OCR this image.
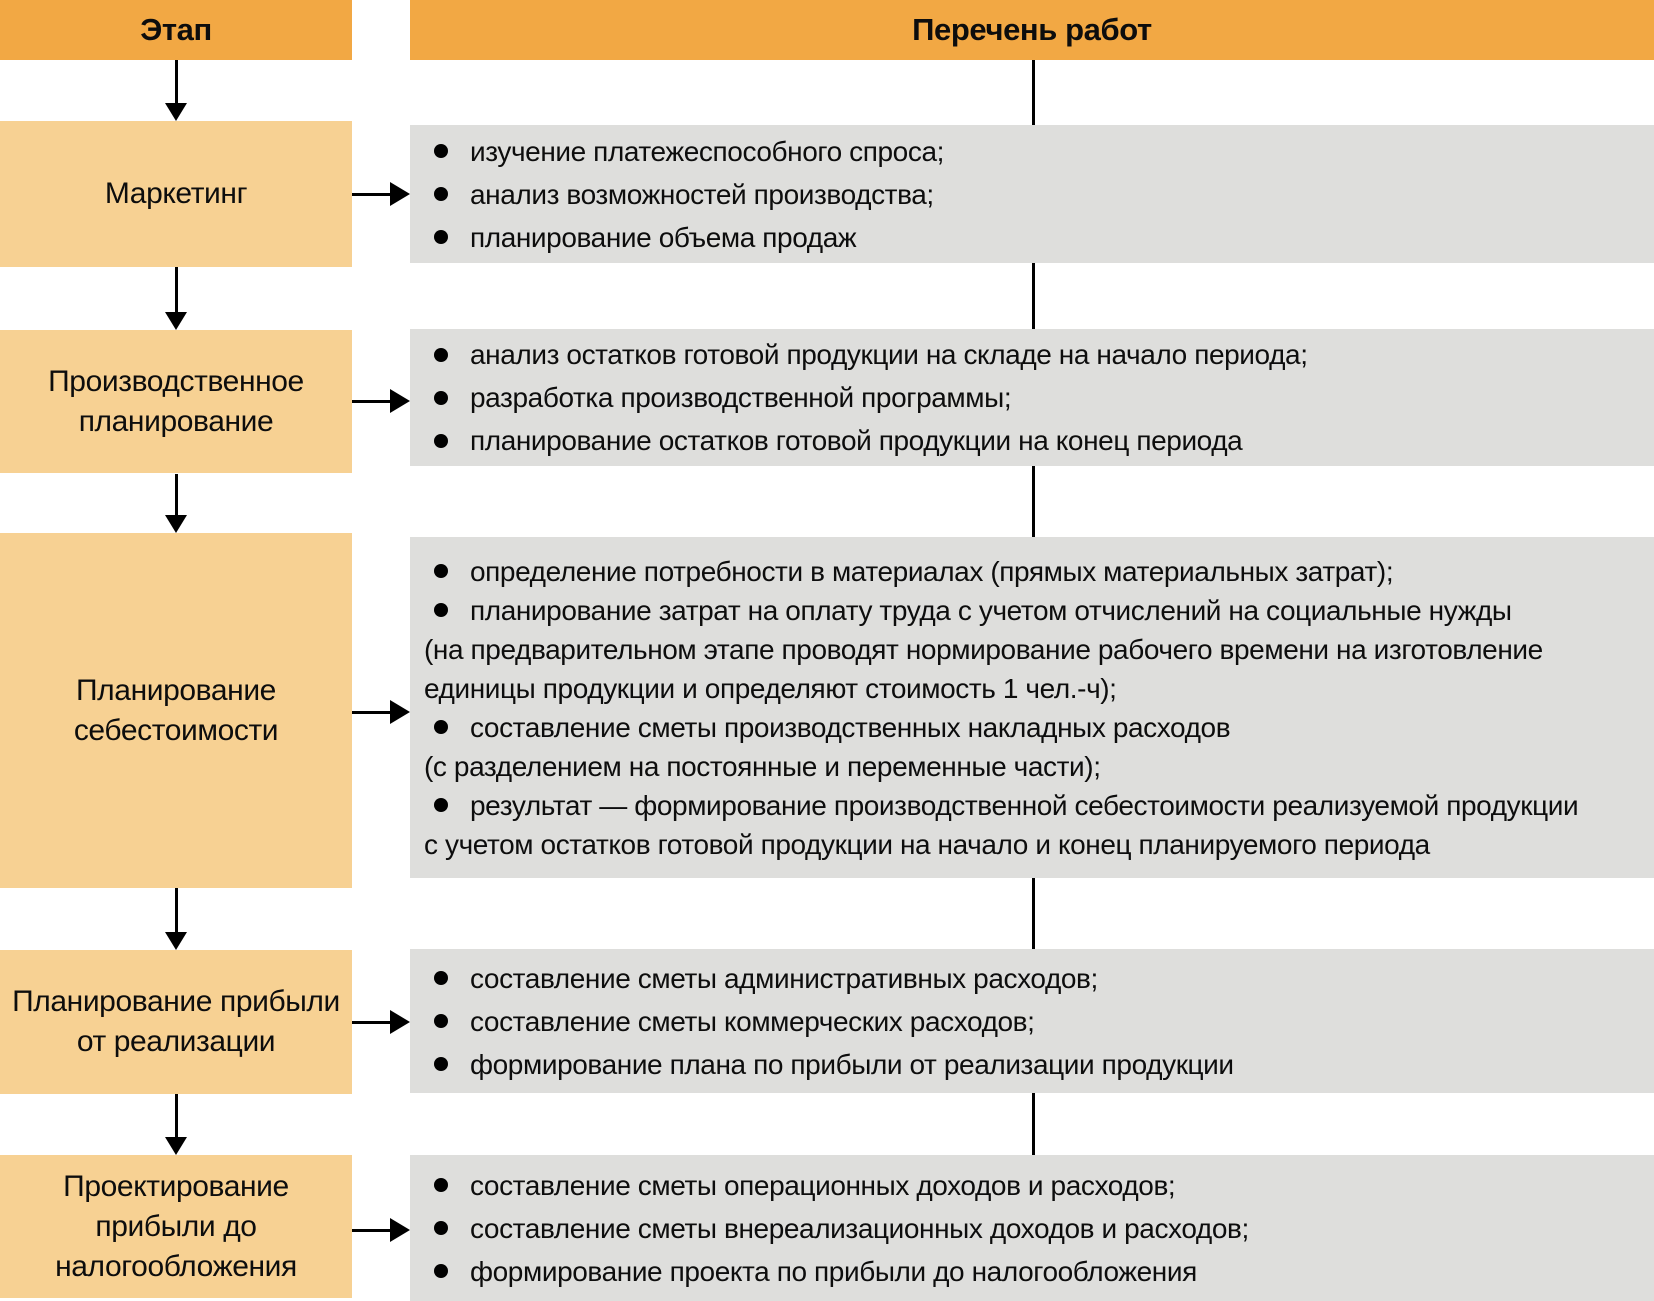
Этап	Перечень работ
Маркетинг
Производственное планирование
Планирование себестоимости
Планирование прибыли от реализации
Проектирование прибыли до налогообложения
изучение платежеспособного спроса;
анализ возможностей производства;
планирование объема продаж
анализ остатков готовой продукции на складе на начало периода;
разработка производственной программы;
планирование остатков готовой продукции на конец периода
определение потребности в материалах (прямых материальных затрат);
планирование затрат на оплату труда с учетом отчислений на социальные нужды
(на предварительном этапе проводят нормирование рабочего времени на изготовление
единицы продукции и определяют стоимость 1 чел.-ч);
составление сметы производственных накладных расходов
(с разделением на постоянные и переменные части);
результат — формирование производственной себестоимости реализуемой продукции
с учетом остатков готовой продукции на начало и конец планируемого периода
составление сметы административных расходов;
составление сметы коммерческих расходов;
формирование плана по прибыли от реализации продукции
составление сметы операционных доходов и расходов;
составление сметы внереализационных доходов и расходов;
формирование проекта по прибыли до налогообложения
